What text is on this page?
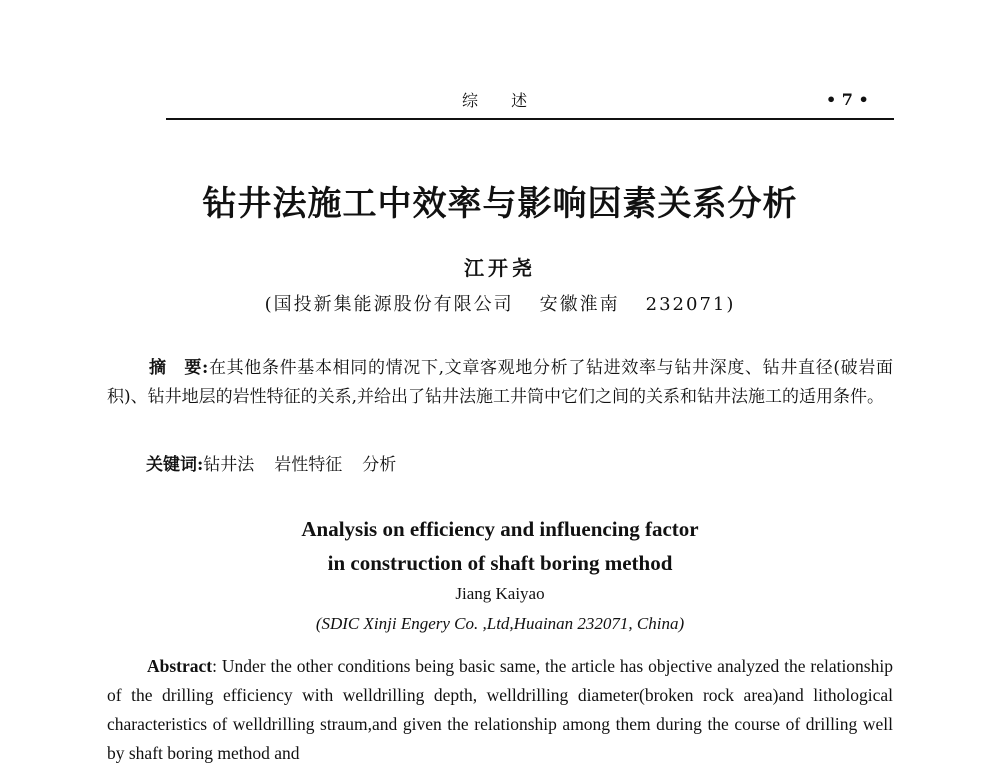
综 述	• 7 •
钻井法施工中效率与影响因素关系分析
江开尧
(国投新集能源股份有限公司 安徽淮南 232071)
摘　要:在其他条件基本相同的情况下,文章客观地分析了钻进效率与钻井深度、钻井直径(破岩面积)、钻井地层的岩性特征的关系,并给出了钻井法施工井筒中它们之间的关系和钻井法施工的适用条件。
关键词:钻井法 岩性特征 分析
Analysis on efficiency and influencing factor
in construction of shaft boring method
Jiang Kaiyao
(SDIC Xinji Engery Co. ,Ltd,Huainan 232071, China)
Abstract: Under the other conditions being basic same, the article has objective analyzed the relationship of the drilling efficiency with welldrilling depth, welldrilling diameter(broken rock area)and lithological characteristics of welldrilling straum,and given the relationship among them during the course of drilling well by shaft boring method and
